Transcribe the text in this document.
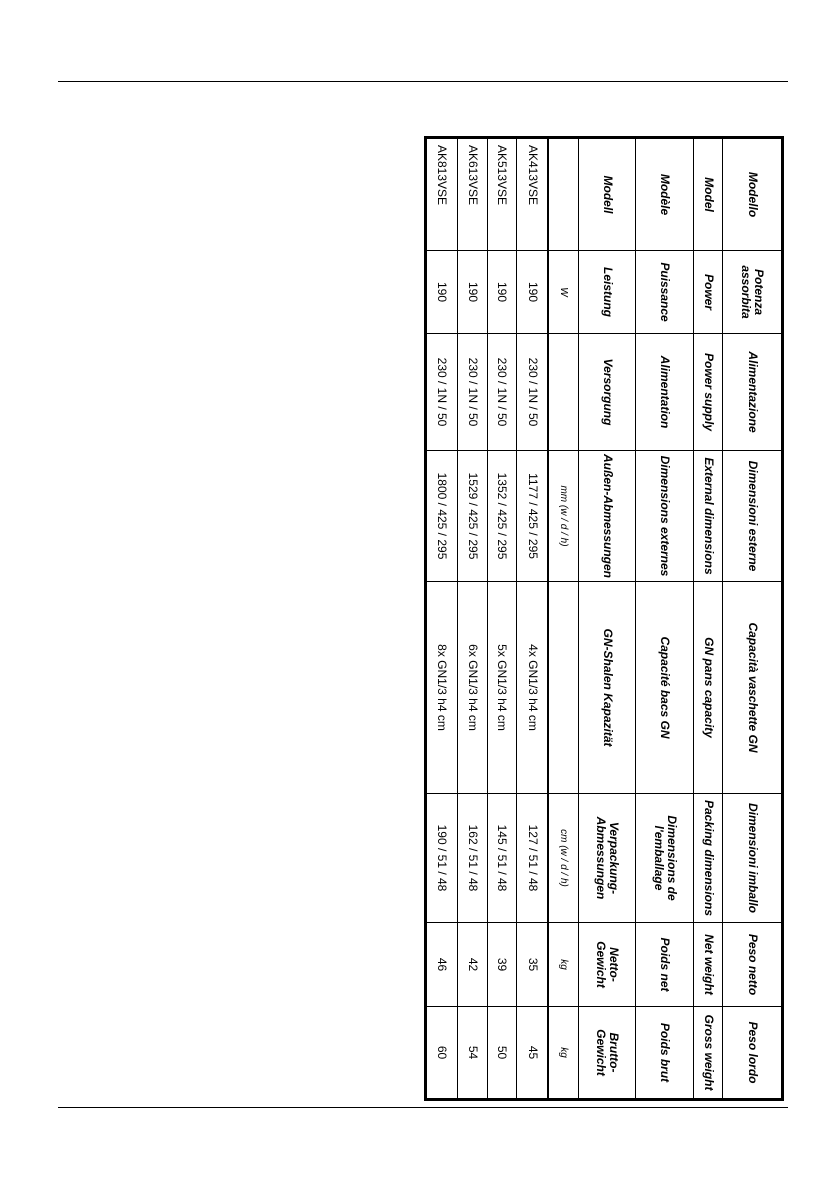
Modello	Potenza assorbita	Alimentazione	Dimensioni esterne	Capacità vaschette GN	Dimensioni imballo	Peso netto	Peso lordo
Model	Power	Power supply	External dimensions	GN pans capacity	Packing dimensions	Net weight	Gross weight
Modèle	Puissance	Alimentation	Dimensions externes	Capacité bacs GN	Dimensions de l'emballage	Poids net	Poids brut
Modell	Leistung	Versorgung	Außen-Abmessungen	GN-Shalen Kapazität	Verpackung-Abmessungen	Netto-Gewicht	Brutto-Gewicht
	W		mm (w / d / h)		cm (w / d / h)	kg	kg
AK413VSE	190	230 / 1N / 50	1177 / 425 / 295	4x GN1/3 h4 cm	127 / 51 / 48	35	45
AK513VSE	190	230 / 1N / 50	1352 / 425 / 295	5x GN1/3 h4 cm	145 / 51 / 48	39	50
AK613VSE	190	230 / 1N / 50	1529 / 425 / 295	6x GN1/3 h4 cm	162 / 51 / 48	42	54
AK813VSE	190	230 / 1N / 50	1800 / 425 / 295	8x GN1/3 h4 cm	190 / 51 / 48	46	60
